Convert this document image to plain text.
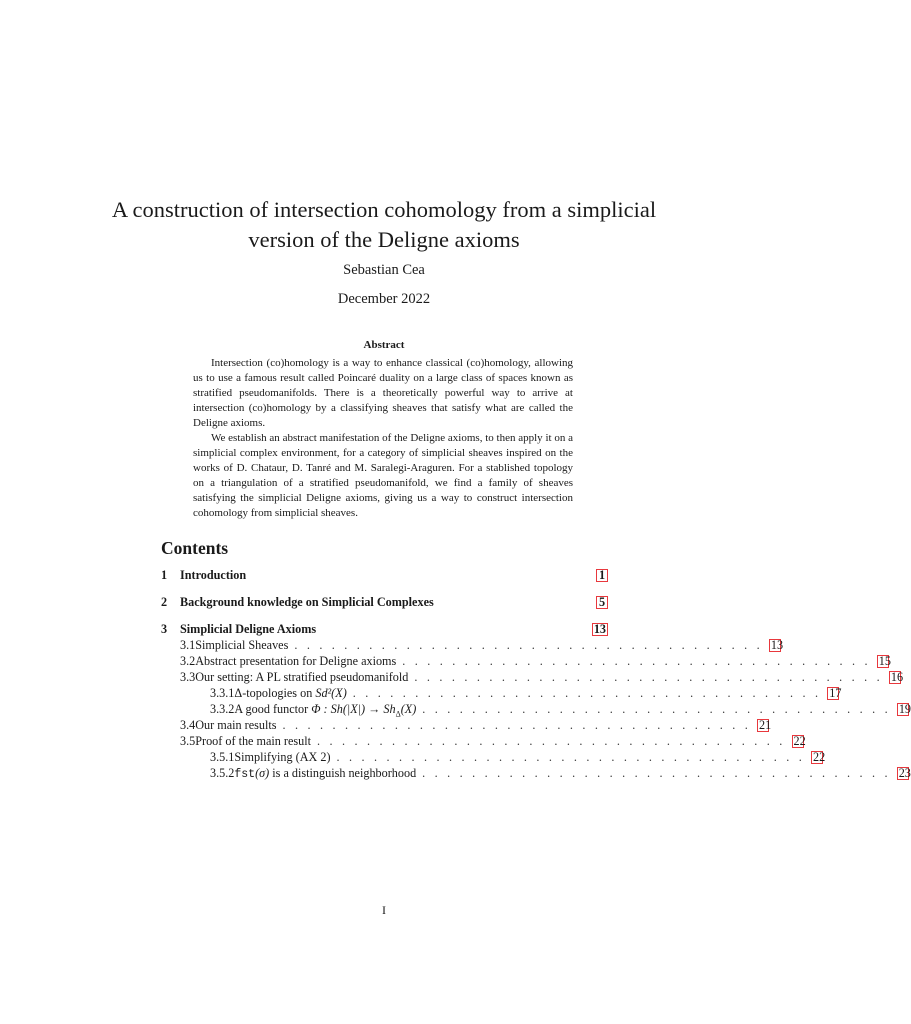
A construction of intersection cohomology from a simplicial version of the Deligne axioms
Sebastian Cea
December 2022
Abstract

Intersection (co)homology is a way to enhance classical (co)homology, allowing us to use a famous result called Poincaré duality on a large class of spaces known as stratified pseudomanifolds. There is a theoretically powerful way to arrive at intersection (co)homology by a classifying sheaves that satisfy what are called the Deligne axioms.

We establish an abstract manifestation of the Deligne axioms, to then apply it on a simplicial complex environment, for a category of simplicial sheaves inspired on the works of D. Chataur, D. Tanré and M. Saralegi-Araguren. For a stablished topology on a triangulation of a stratified pseudomanifold, we find a family of sheaves satisfying the simplicial Deligne axioms, giving us a way to construct intersection cohomology from simplicial sheaves.

Contents
1	Introduction	1
2	Background knowledge on Simplicial Complexes	5
3	Simplicial Deligne Axioms	13
3.1 Simplicial Sheaves . . . . . . . . . . . . . . . . . . . . . . . . . . . . . . . . . . . . . . 13
3.2 Abstract presentation for Deligne axioms . . . . . . . . . . . . . . . . . . . . . . . . . . . . . . . . . . . . . . 15
3.3 Our setting: A PL stratified pseudomanifold . . . . . . . . . . . . . . . . . . . . . . . . . . . . . . . . . . . . . . 16
3.3.1 Δ-topologies on Sd²(X) . . . . . . . . . . . . . . . . . . . . . . . . . . . . . . . . . . . . . . 17
3.3.2 A good functor Φ : $Sh(|X|) \to Sh_\Delta(X)$ . . . . . . . . . . . . . . . . . . . . . . . . . . . . . . . . . . . . . . 19
3.4 Our main results . . . . . . . . . . . . . . . . . . . . . . . . . . . . . . . . . . . . . . 21
3.5 Proof of the main result . . . . . . . . . . . . . . . . . . . . . . . . . . . . . . . . . . . . . . 22
3.5.1 Simplifying (AX 2) . . . . . . . . . . . . . . . . . . . . . . . . . . . . . . . . . . . . . . 22
3.5.2 fst(σ) is a distinguish neighborhood . . . . . . . . . . . . . . . . . . . . . . . . . . . . . . . . . . . . . . 23
I
